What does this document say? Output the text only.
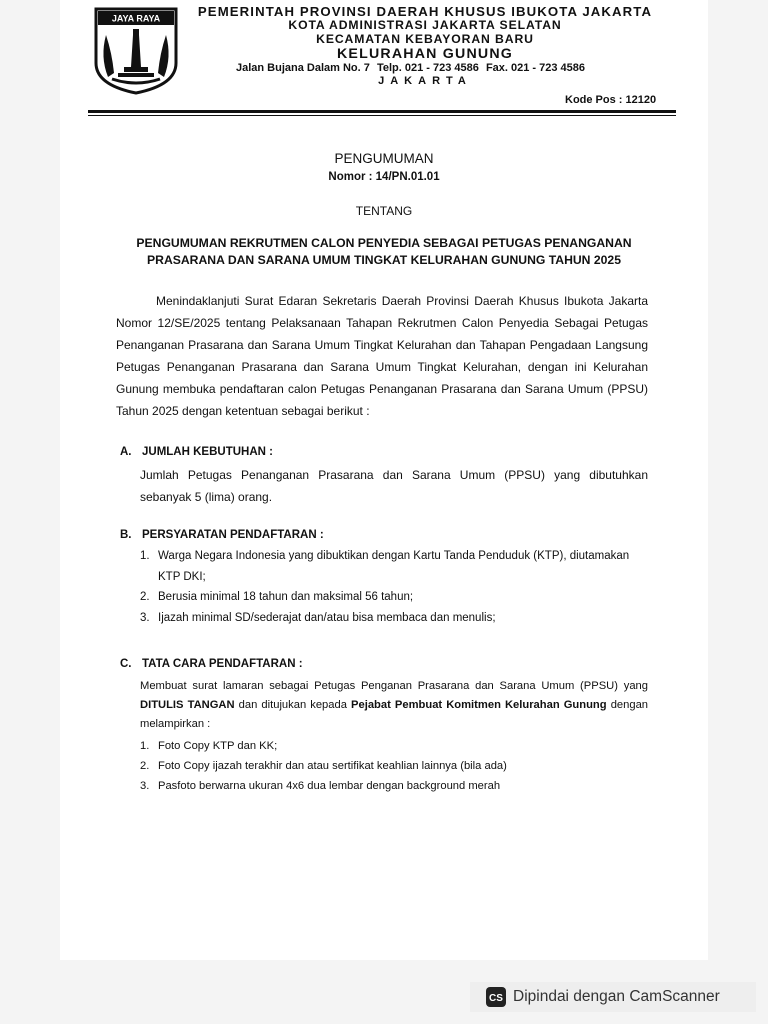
JAYA RAYA	PEMERINTAH PROVINSI DAERAH KHUSUS IBUKOTA JAKARTA
KOTA ADMINISTRASI JAKARTA SELATAN
KECAMATAN KEBAYORAN BARU
KELURAHAN GUNUNG
Jalan Bujana Dalam No. 7 Telp. 021 - 723 4586 Fax. 021 - 723 4586
JAKARTA
Kode Pos : 12120
PENGUMUMAN
Nomor : 14/PN.01.01
TENTANG
PENGUMUMAN REKRUTMEN CALON PENYEDIA SEBAGAI PETUGAS PENANGANAN
PRASARANA DAN SARANA UMUM TINGKAT KELURAHAN GUNUNG TAHUN 2025

Menindaklanjuti Surat Edaran Sekretaris Daerah Provinsi Daerah Khusus Ibukota Jakarta Nomor 12/SE/2025 tentang Pelaksanaan Tahapan Rekrutmen Calon Penyedia Sebagai Petugas Penanganan Prasarana dan Sarana Umum Tingkat Kelurahan dan Tahapan Pengadaan Langsung Petugas Penanganan Prasarana dan Sarana Umum Tingkat Kelurahan, dengan ini Kelurahan Gunung membuka pendaftaran calon Petugas Penanganan Prasarana dan Sarana Umum (PPSU) Tahun 2025 dengan ketentuan sebagai berikut :

A. JUMLAH KEBUTUHAN :
Jumlah Petugas Penanganan Prasarana dan Sarana Umum (PPSU) yang dibutuhkan sebanyak 5 (lima) orang.
B. PERSYARATAN PENDAFTARAN :
1. Warga Negara Indonesia yang dibuktikan dengan Kartu Tanda Penduduk (KTP), diutamakan
KTP DKI;
2. Berusia minimal 18 tahun dan maksimal 56 tahun;
3. Ijazah minimal SD/sederajat dan/atau bisa membaca dan menulis;
C. TATA CARA PENDAFTARAN :
Membuat surat lamaran sebagai Petugas Penganan Prasarana dan Sarana Umum (PPSU) yang DITULIS TANGAN dan ditujukan kepada Pejabat Pembuat Komitmen Kelurahan Gunung dengan melampirkan :
1. Foto Copy KTP dan KK;
2. Foto Copy ijazah terakhir dan atau sertifikat keahlian lainnya (bila ada)
3. Pasfoto berwarna ukuran 4x6 dua lembar dengan background merah
CS Dipindai dengan CamScanner
